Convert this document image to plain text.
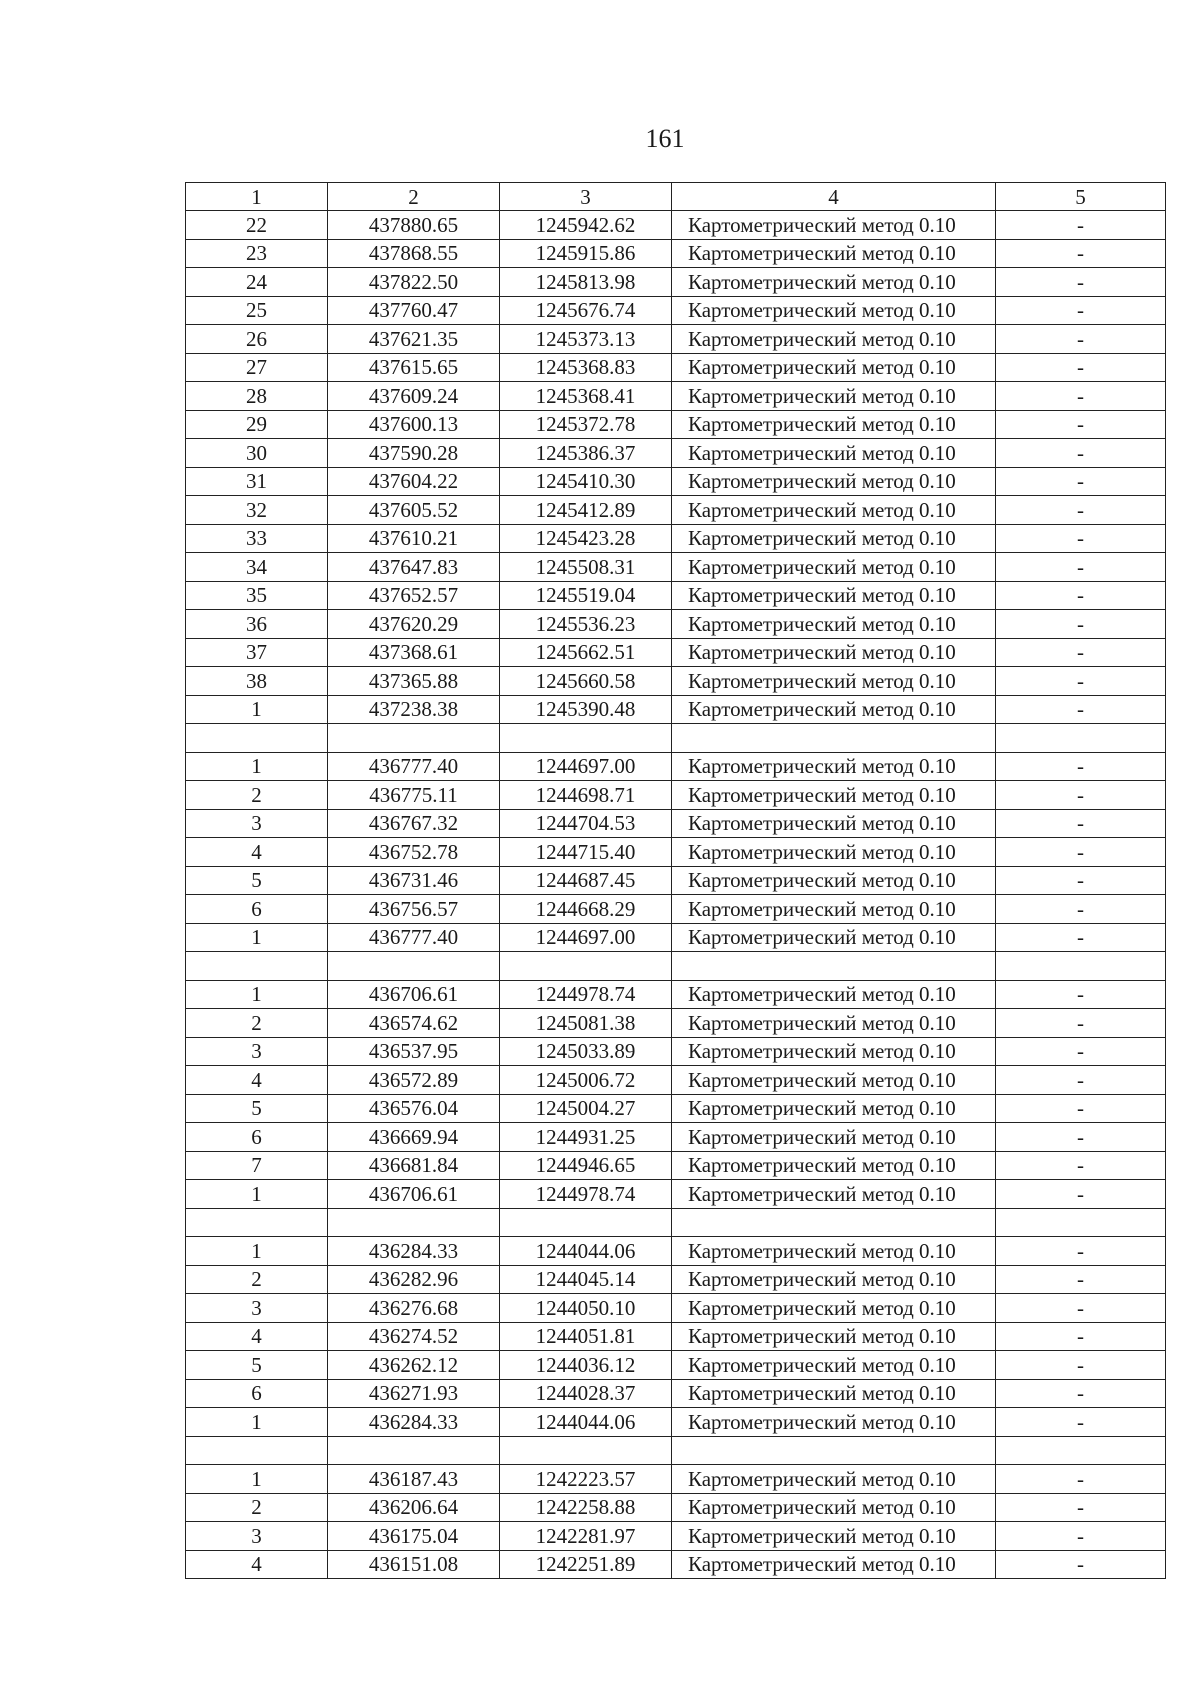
161
1	2	3	4	5
22	437880.65	1245942.62	Картометрический метод 0.10	-
23	437868.55	1245915.86	Картометрический метод 0.10	-
24	437822.50	1245813.98	Картометрический метод 0.10	-
25	437760.47	1245676.74	Картометрический метод 0.10	-
26	437621.35	1245373.13	Картометрический метод 0.10	-
27	437615.65	1245368.83	Картометрический метод 0.10	-
28	437609.24	1245368.41	Картометрический метод 0.10	-
29	437600.13	1245372.78	Картометрический метод 0.10	-
30	437590.28	1245386.37	Картометрический метод 0.10	-
31	437604.22	1245410.30	Картометрический метод 0.10	-
32	437605.52	1245412.89	Картометрический метод 0.10	-
33	437610.21	1245423.28	Картометрический метод 0.10	-
34	437647.83	1245508.31	Картометрический метод 0.10	-
35	437652.57	1245519.04	Картометрический метод 0.10	-
36	437620.29	1245536.23	Картометрический метод 0.10	-
37	437368.61	1245662.51	Картометрический метод 0.10	-
38	437365.88	1245660.58	Картометрический метод 0.10	-
1	437238.38	1245390.48	Картометрический метод 0.10	-

1	436777.40	1244697.00	Картометрический метод 0.10	-
2	436775.11	1244698.71	Картометрический метод 0.10	-
3	436767.32	1244704.53	Картометрический метод 0.10	-
4	436752.78	1244715.40	Картометрический метод 0.10	-
5	436731.46	1244687.45	Картометрический метод 0.10	-
6	436756.57	1244668.29	Картометрический метод 0.10	-
1	436777.40	1244697.00	Картометрический метод 0.10	-

1	436706.61	1244978.74	Картометрический метод 0.10	-
2	436574.62	1245081.38	Картометрический метод 0.10	-
3	436537.95	1245033.89	Картометрический метод 0.10	-
4	436572.89	1245006.72	Картометрический метод 0.10	-
5	436576.04	1245004.27	Картометрический метод 0.10	-
6	436669.94	1244931.25	Картометрический метод 0.10	-
7	436681.84	1244946.65	Картометрический метод 0.10	-
1	436706.61	1244978.74	Картометрический метод 0.10	-

1	436284.33	1244044.06	Картометрический метод 0.10	-
2	436282.96	1244045.14	Картометрический метод 0.10	-
3	436276.68	1244050.10	Картометрический метод 0.10	-
4	436274.52	1244051.81	Картометрический метод 0.10	-
5	436262.12	1244036.12	Картометрический метод 0.10	-
6	436271.93	1244028.37	Картометрический метод 0.10	-
1	436284.33	1244044.06	Картометрический метод 0.10	-

1	436187.43	1242223.57	Картометрический метод 0.10	-
2	436206.64	1242258.88	Картометрический метод 0.10	-
3	436175.04	1242281.97	Картометрический метод 0.10	-
4	436151.08	1242251.89	Картометрический метод 0.10	-
